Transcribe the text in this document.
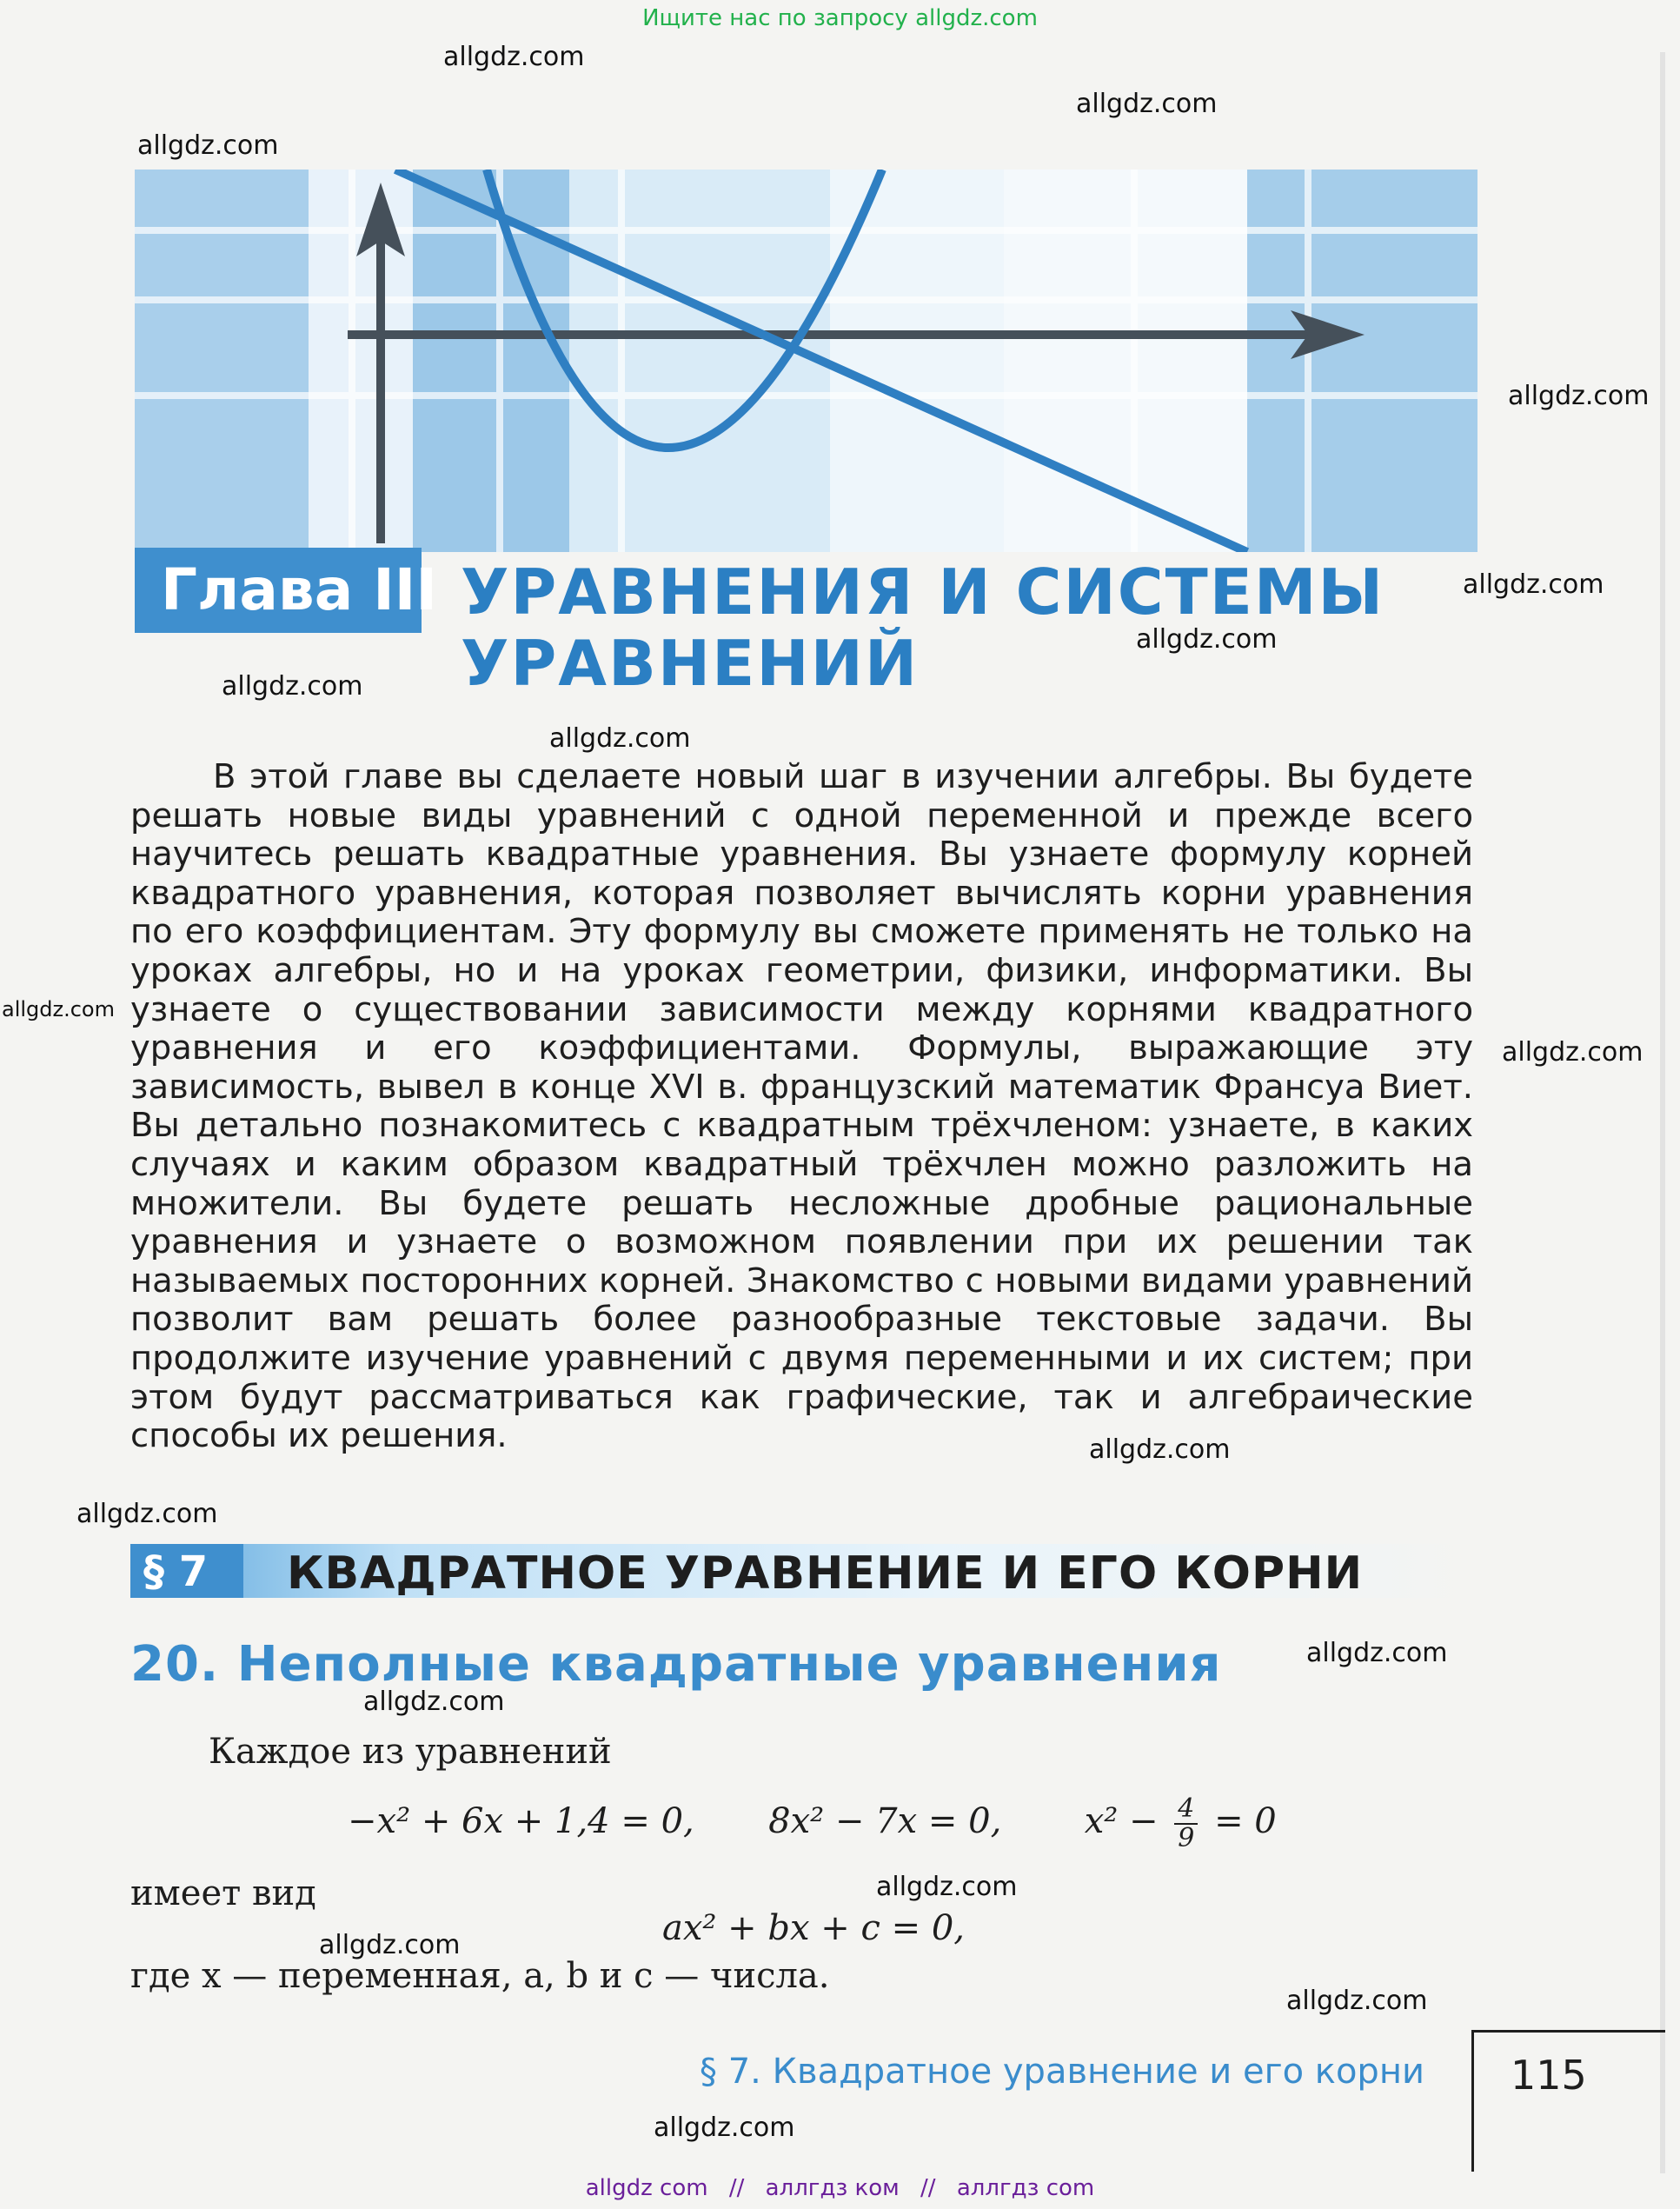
Ищите нас по запросу allgdz.com
Глава III УРАВНЕНИЯ И СИСТЕМЫ
УРАВНЕНИЙ

В этой главе вы сделаете новый шаг в изучении алгебры. Вы будете решать новые виды уравнений с одной переменной и прежде всего научитесь решать квадратные уравнения. Вы узнаете формулу корней квадратного уравнения, которая позволяет вычислять корни уравнения по его коэффициентам. Эту формулу вы сможете применять не только на уроках алгебры, но и на уроках геометрии, физики, информатики. Вы узнаете о существовании зависимости между корнями квадратного уравнения и его коэффициентами. Формулы, выражающие эту зависимость, вывел в конце XVI в. французский математик Франсуа Виет. Вы детально познакомитесь с квадратным трёхчленом: узнаете, в каких случаях и каким образом квадратный трёхчлен можно разложить на множители. Вы будете решать несложные дробные рациональные уравнения и узнаете о возможном появлении при их решении так называемых посторонних корней. Знакомство с новыми видами уравнений позволит вам решать более разнообразные текстовые задачи. Вы продолжите изучение уравнений с двумя переменными и их систем; при этом будут рассматриваться как графические, так и алгебраические способы их решения.

§ 7 КВАДРАТНОЕ УРАВНЕНИЕ И ЕГО КОРНИ
20. Неполные квадратные уравнения
Каждое из уравнений
−x² + 6x + 1,4 = 0, 8x² − 7x = 0, $x^2 - \frac{4}{9} = 0$
имеет вид
ax² + bx + c = 0,
где x — переменная, a, b и c — числа.
§ 7. Квадратное уравнение и его корни 115
allgdz.com
allgdz.com
allgdz.com
allgdz.com
allgdz.com
allgdz.com
allgdz.com
allgdz.com
allgdz.com
allgdz.com
allgdz.com
allgdz.com
allgdz.com
allgdz.com
allgdz.com
allgdz.com
allgdz.com
allgdz.com
allgdz com // аллгдз ком // аллгдз com
